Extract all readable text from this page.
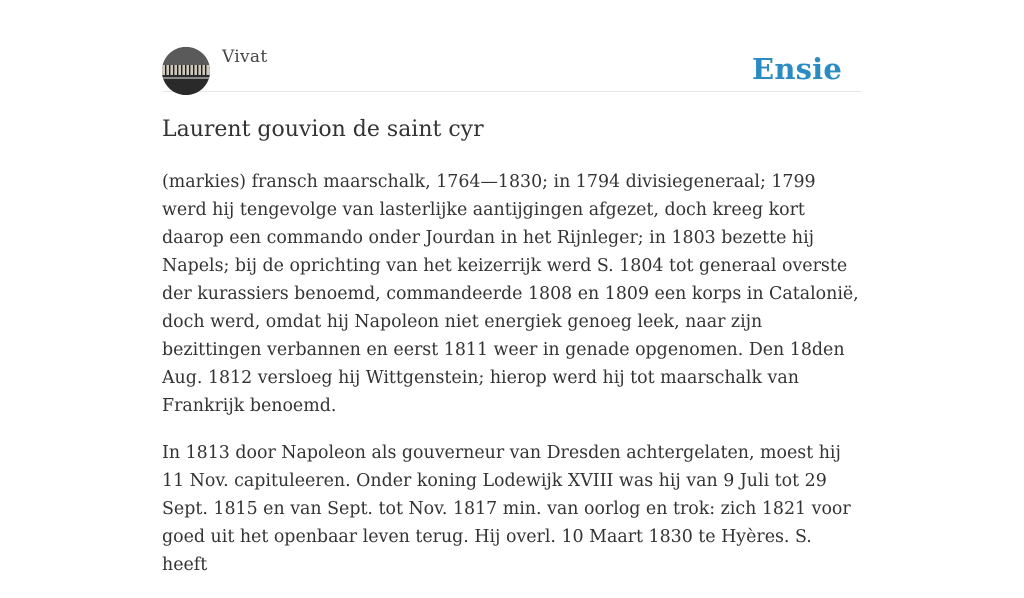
Vivat	Ensie
Laurent gouvion de saint cyr

(markies) fransch maarschalk, 1764—1830; in 1794 divisiegeneraal; 1799 werd hij tengevolge van lasterlijke aantijgingen afgezet, doch kreeg kort daarop een commando onder Jourdan in het Rijnleger; in 1803 bezette hij Napels; bij de oprichting van het keizerrijk werd S. 1804 tot generaal overste der kurassiers benoemd, commandeerde 1808 en 1809 een korps in Catalonië, doch werd, omdat hij Napoleon niet energiek genoeg leek, naar zijn bezittingen verbannen en eerst 1811 weer in genade opgenomen. Den 18den Aug. 1812 versloeg hij Wittgenstein; hierop werd hij tot maarschalk van Frankrijk benoemd.

In 1813 door Napoleon als gouverneur van Dresden achtergelaten, moest hij 11 Nov. capituleeren. Onder koning Lodewijk XVIII was hij van 9 Juli tot 29 Sept. 1815 en van Sept. tot Nov. 1817 min. van oorlog en trok: zich 1821 voor goed uit het openbaar leven terug. Hij overl. 10 Maart 1830 te Hyères. S. heeft
